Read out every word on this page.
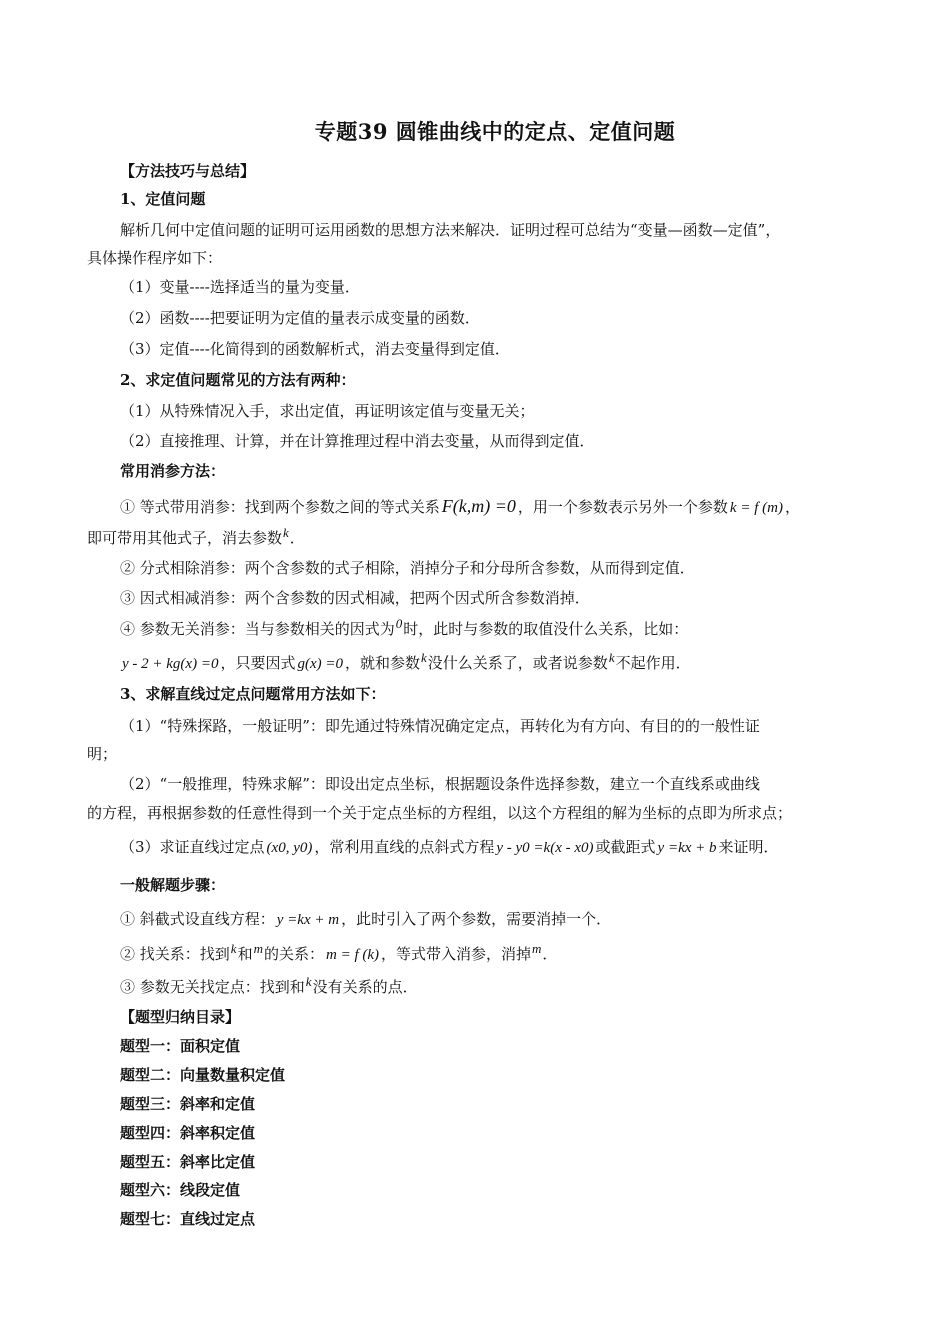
专题39 圆锥曲线中的定点、定值问题
【方法技巧与总结】
1、定值问题
解析几何中定值问题的证明可运用函数的思想方法来解决．证明过程可总结为“变量—函数—定值”，
具体操作程序如下：
（1）变量----选择适当的量为变量．
（2）函数----把要证明为定值的量表示成变量的函数．
（3）定值----化简得到的函数解析式，消去变量得到定值．
2、求定值问题常见的方法有两种：
（1）从特殊情况入手，求出定值，再证明该定值与变量无关；
（2）直接推理、计算，并在计算推理过程中消去变量，从而得到定值．
常用消参方法：
① 等式带用消参：找到两个参数之间的等式关系 F(k,m) =0 ，用一个参数表示另外一个参数 k = f (m) ，
即可带用其他式子，消去参数k．
② 分式相除消参：两个含参数的式子相除，消掉分子和分母所含参数，从而得到定值．
③ 因式相减消参：两个含参数的因式相减，把两个因式所含参数消掉．
④ 参数无关消参：当与参数相关的因式为0时，此时与参数的取值没什么关系，比如：
y - 2 + kg(x) =0 ，只要因式 g(x) =0 ，就和参数k没什么关系了，或者说参数k不起作用．
3、求解直线过定点问题常用方法如下：
（1）“特殊探路，一般证明”：即先通过特殊情况确定定点，再转化为有方向、有目的的一般性证
明；
（2）“一般推理，特殊求解”：即设出定点坐标，根据题设条件选择参数，建立一个直线系或曲线
的方程，再根据参数的任意性得到一个关于定点坐标的方程组，以这个方程组的解为坐标的点即为所求点；
（3）求证直线过定点 (x0, y0) ，常利用直线的点斜式方程 y - y0 =k(x - x0) 或截距式 y =kx + b 来证明．
一般解题步骤：
① 斜截式设直线方程： y =kx + m ，此时引入了两个参数，需要消掉一个．
② 找关系：找到k和m的关系： m = f (k) ，等式带入消参，消掉m．
③ 参数无关找定点：找到和k没有关系的点．
【题型归纳目录】
题型一：面积定值
题型二：向量数量积定值
题型三：斜率和定值
题型四：斜率积定值
题型五：斜率比定值
题型六：线段定值
题型七：直线过定点
